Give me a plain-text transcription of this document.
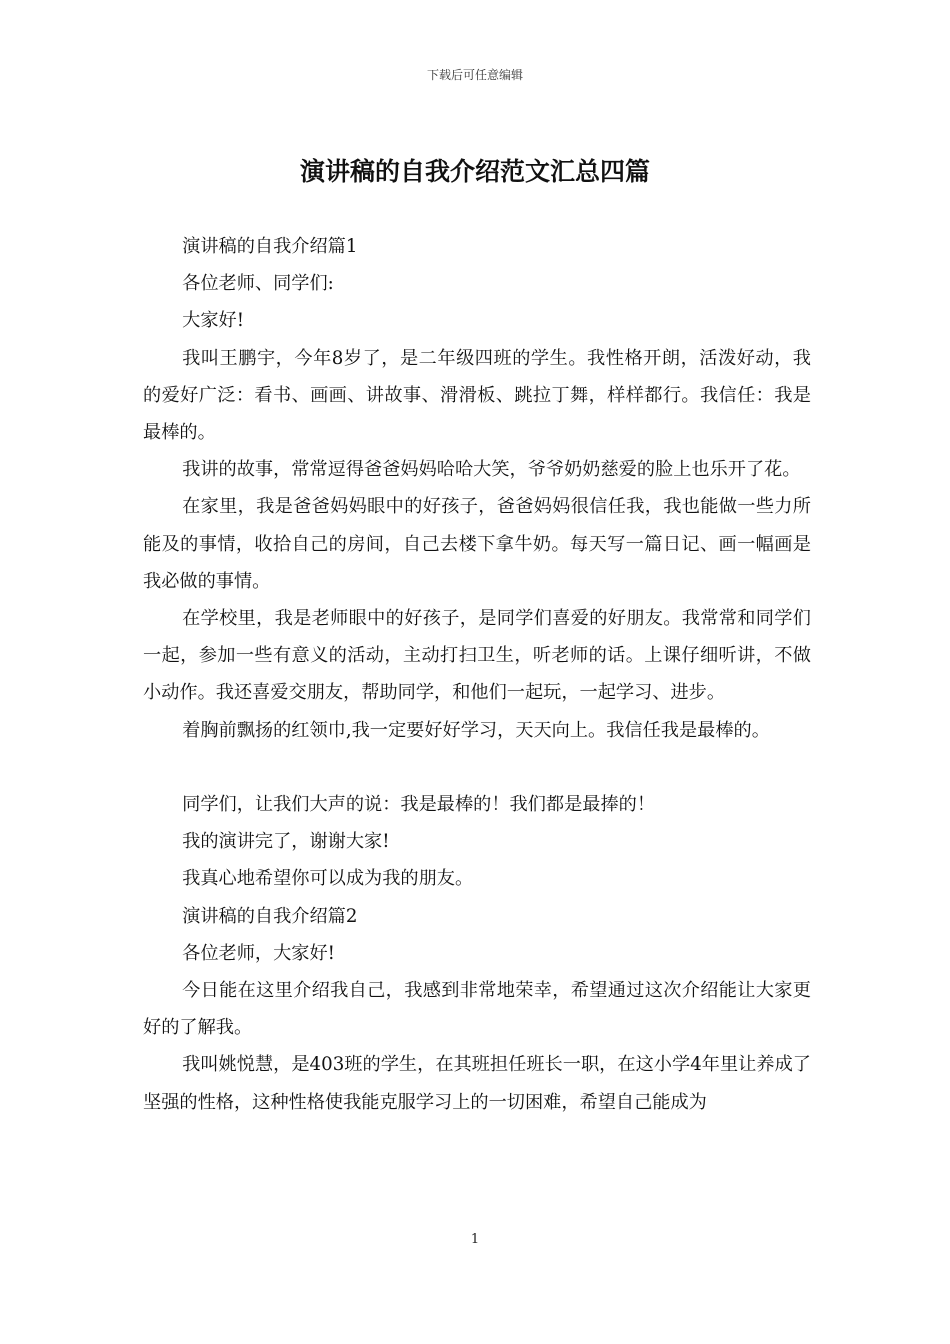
下载后可任意编辑
演讲稿的自我介绍范文汇总四篇

演讲稿的自我介绍篇1

各位老师、同学们:

大家好!

我叫王鹏宇，今年8岁了，是二年级四班的学生。我性格开朗，活泼好动，我的爱好广泛：看书、画画、讲故事、滑滑板、跳拉丁舞，样样都行。我信任：我是最棒的。

我讲的故事，常常逗得爸爸妈妈哈哈大笑，爷爷奶奶慈爱的脸上也乐开了花。

在家里，我是爸爸妈妈眼中的好孩子，爸爸妈妈很信任我，我也能做一些力所能及的事情，收拾自己的房间，自己去楼下拿牛奶。每天写一篇日记、画一幅画是我必做的事情。

在学校里，我是老师眼中的好孩子，是同学们喜爱的好朋友。我常常和同学们一起，参加一些有意义的活动，主动打扫卫生，听老师的话。上课仔细听讲，不做小动作。我还喜爱交朋友，帮助同学，和他们一起玩，一起学习、进步。

着胸前飘扬的红领巾,我一定要好好学习，天天向上。我信任我是最棒的。

同学们，让我们大声的说：我是最棒的！我们都是最捧的！

我的演讲完了，谢谢大家!

我真心地希望你可以成为我的朋友。

演讲稿的自我介绍篇2

各位老师，大家好!

今日能在这里介绍我自己，我感到非常地荣幸，希望通过这次介绍能让大家更好的了解我。

我叫姚悦慧，是403班的学生，在其班担任班长一职，在这小学4年里让养成了坚强的性格，这种性格使我能克服学习上的一切困难，希望自己能成为

1
